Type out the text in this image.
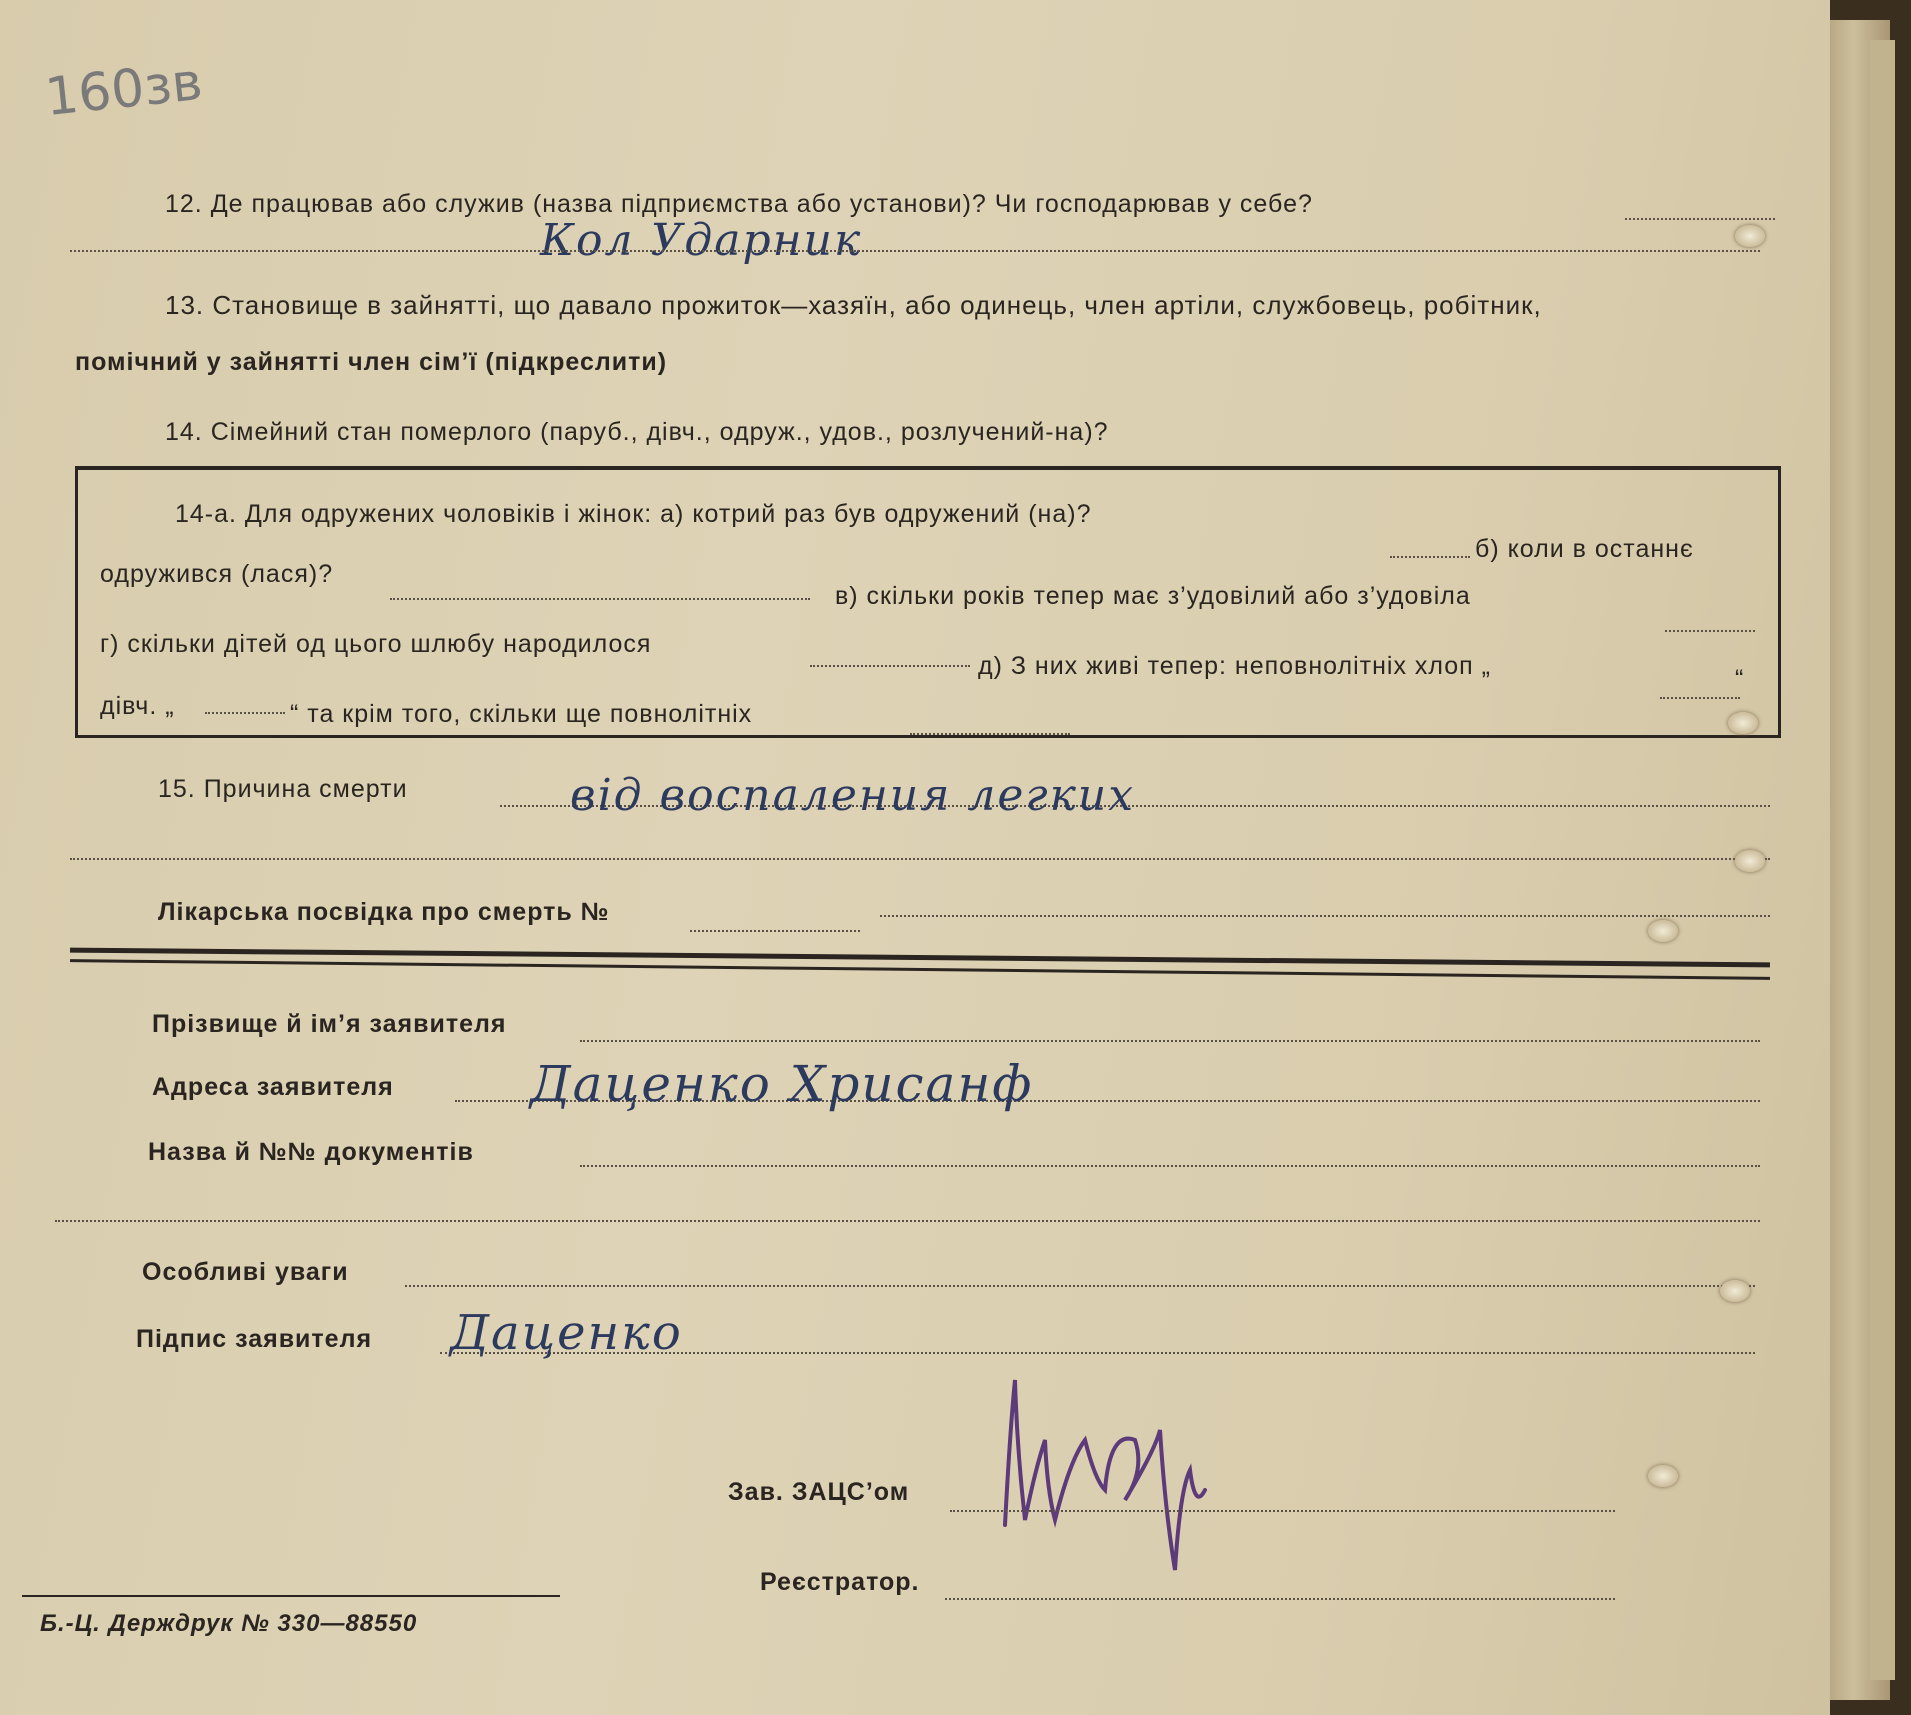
160зв
12. Де працював або служив (назва підприємства або установи)? Чи господарював у себе?
Кол Ударник
13. Становище в зайнятті, що давало прожиток—хазяїн, або одинець, член артіли, службовець, робітник,
помічний у зайнятті член сім’ї (підкреслити)
14. Сімейний стан померлого (паруб., дівч., одруж., удов., розлучений-на)?
14-а. Для одружених чоловіків і жінок: а) котрий раз був одружений (на)?
б) коли в останнє
одружився (лася)?
в) скільки років тепер має з’удовілий або з’удовіла
г) скільки дітей од цього шлюбу народилося
д) З них живі тепер: неповнолітніх хлоп „	“
дівч. „	“ та крім того, скільки ще повнолітніх
15. Причина смерти	від воспаления легких
Лікарська посвідка про смерть №
Прізвище й ім’я заявителя
Адреса заявителя	Даценко Хрисанф
Назва й №№ документів
Особливі уваги
Підпис заявителя Даценко
Зав. ЗАЦС’ом
Реєстратор.
Б.-Ц. Держдрук № 330—88550
